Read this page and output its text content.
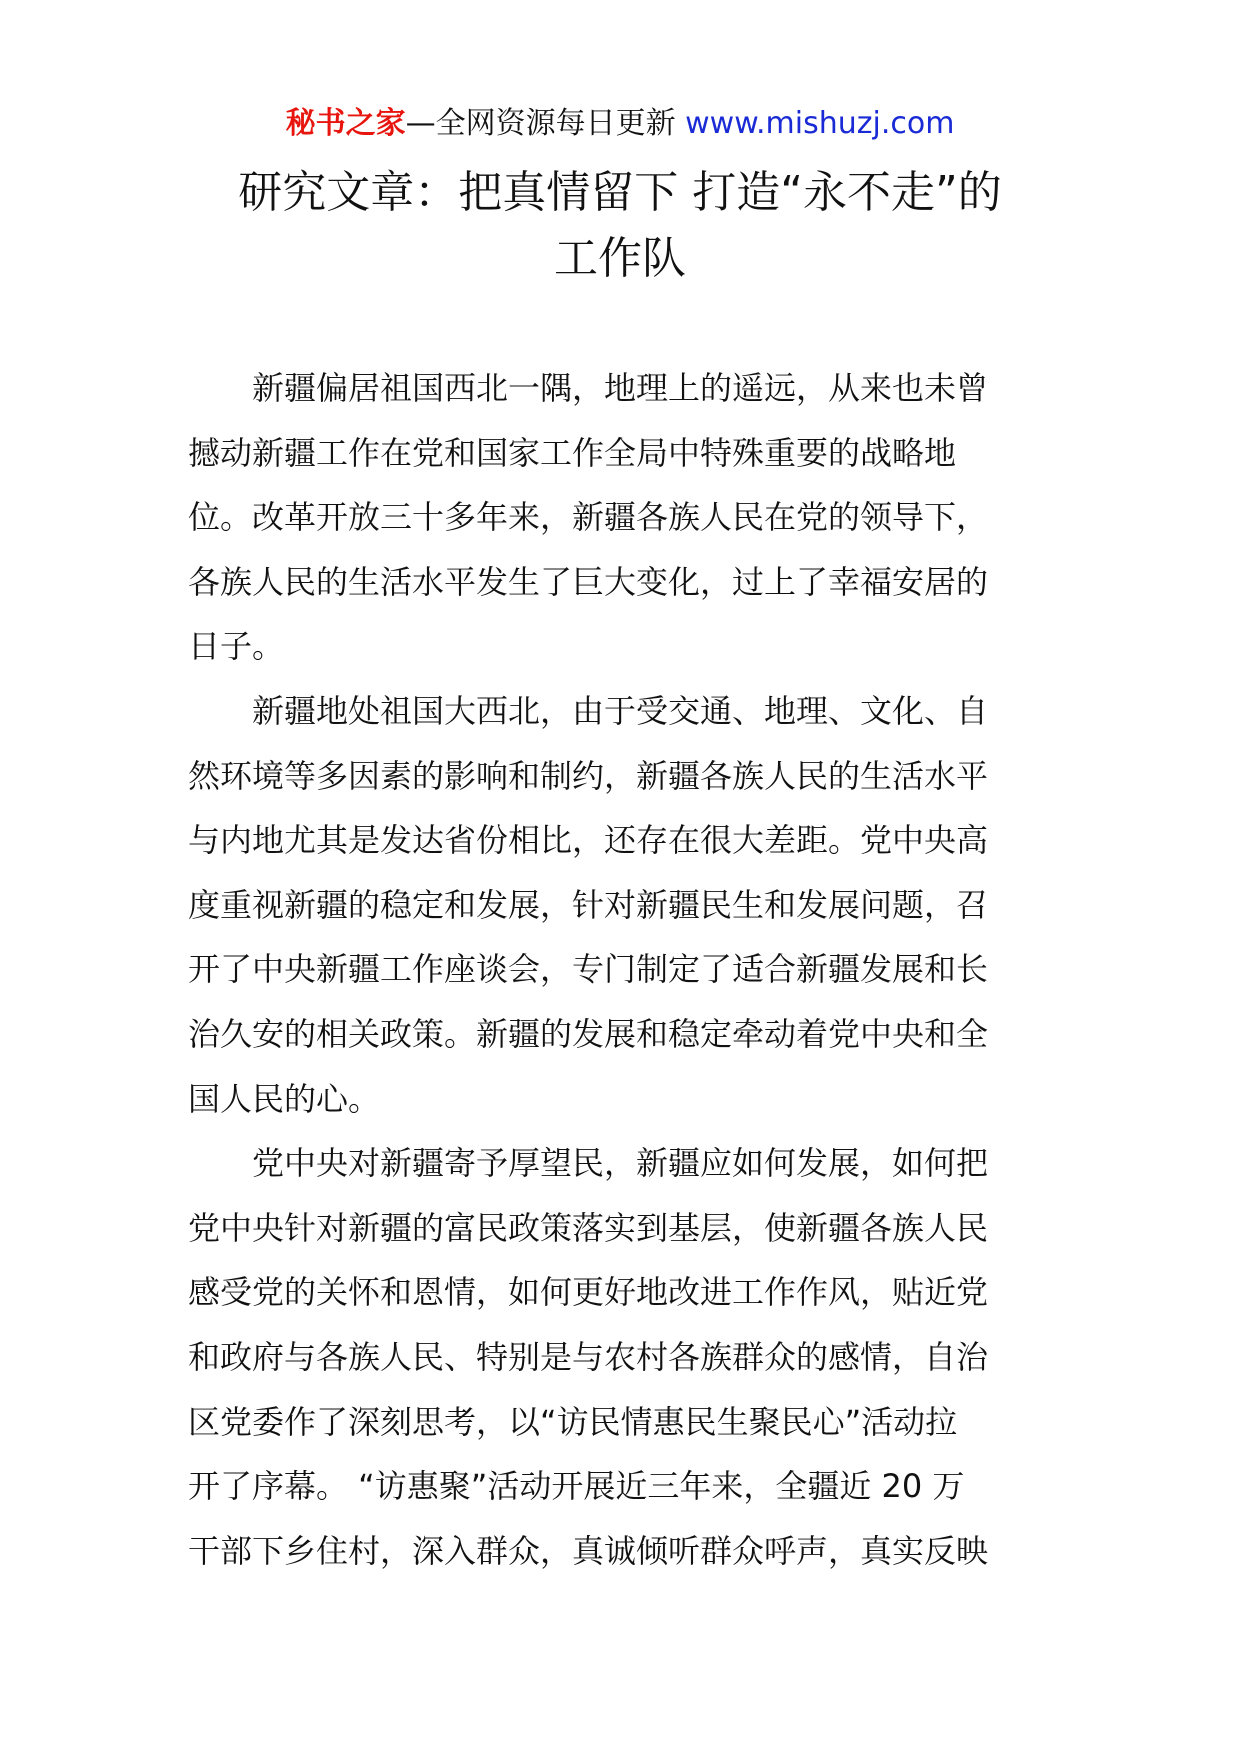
秘书之家—全网资源每日更新 www.mishuzj.com
研究文章：把真情留下 打造“永不走”的
工作队

新疆偏居祖国西北一隅，地理上的遥远，从来也未曾
撼动新疆工作在党和国家工作全局中特殊重要的战略地
位。改革开放三十多年来，新疆各族人民在党的领导下，
各族人民的生活水平发生了巨大变化，过上了幸福安居的
日子。

新疆地处祖国大西北，由于受交通、地理、文化、自
然环境等多因素的影响和制约，新疆各族人民的生活水平
与内地尤其是发达省份相比，还存在很大差距。党中央高
度重视新疆的稳定和发展，针对新疆民生和发展问题，召
开了中央新疆工作座谈会，专门制定了适合新疆发展和长
治久安的相关政策。新疆的发展和稳定牵动着党中央和全
国人民的心。

党中央对新疆寄予厚望民，新疆应如何发展，如何把
党中央针对新疆的富民政策落实到基层，使新疆各族人民
感受党的关怀和恩情，如何更好地改进工作作风，贴近党
和政府与各族人民、特别是与农村各族群众的感情，自治
区党委作了深刻思考，以“访民情惠民生聚民心”活动拉
开了序幕。 “访惠聚”活动开展近三年来，全疆近 20 万
干部下乡住村，深入群众，真诚倾听群众呼声，真实反映
